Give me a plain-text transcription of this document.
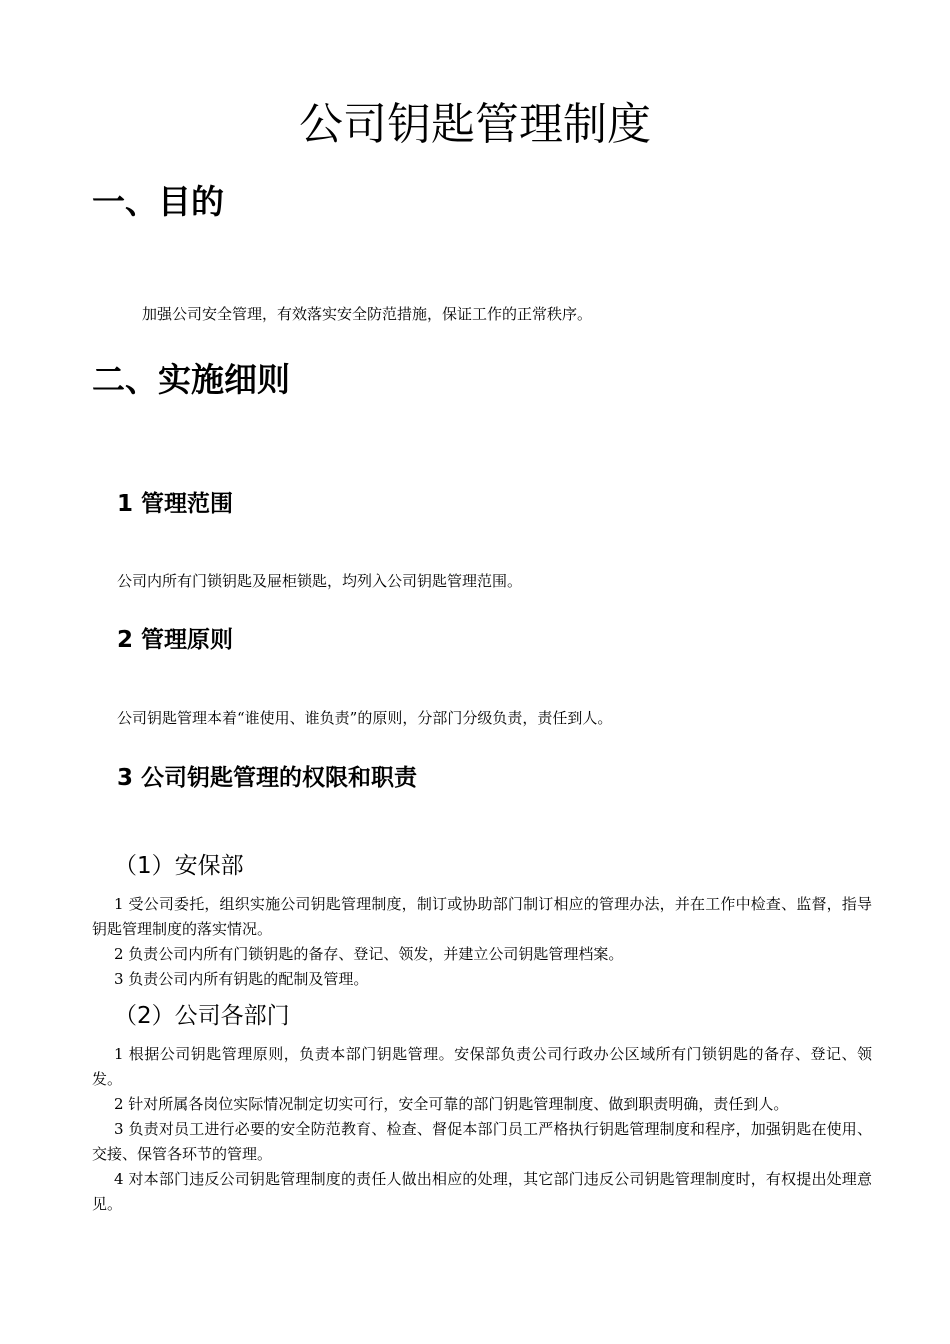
公司钥匙管理制度
一、目的

加强公司安全管理，有效落实安全防范措施，保证工作的正常秩序。

二、实施细则
1 管理范围

公司内所有门锁钥匙及屉柜锁匙，均列入公司钥匙管理范围。

2 管理原则

公司钥匙管理本着“谁使用、谁负责”的原则，分部门分级负责，责任到人。

3 公司钥匙管理的权限和职责
（1）安保部

1 受公司委托，组织实施公司钥匙管理制度，制订或协助部门制订相应的管理办法，并在工作中检查、监督，指导钥匙管理制度的落实情况。

2 负责公司内所有门锁钥匙的备存、登记、领发，并建立公司钥匙管理档案。

3 负责公司内所有钥匙的配制及管理。

（2）公司各部门

1 根据公司钥匙管理原则，负责本部门钥匙管理。安保部负责公司行政办公区域所有门锁钥匙的备存、登记、领发。

2 针对所属各岗位实际情况制定切实可行，安全可靠的部门钥匙管理制度、做到职责明确，责任到人。

3 负责对员工进行必要的安全防范教育、检查、督促本部门员工严格执行钥匙管理制度和程序，加强钥匙在使用、交接、保管各环节的管理。

4 对本部门违反公司钥匙管理制度的责任人做出相应的处理，其它部门违反公司钥匙管理制度时，有权提出处理意见。
